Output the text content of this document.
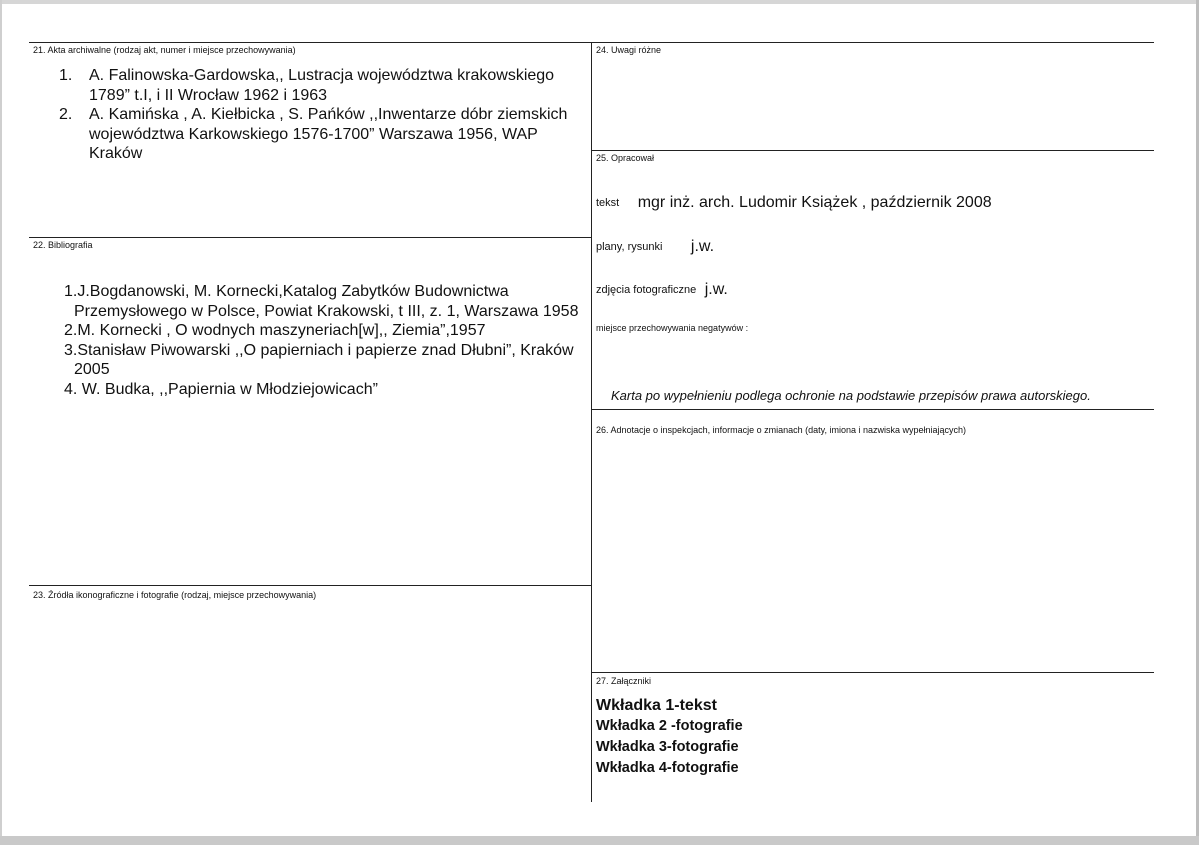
21. Akta archiwalne (rodzaj akt, numer i miejsce przechowywania)
1. A. Falinowska-Gardowska,, Lustracja województwa krakowskiego 1789” t.I, i II Wrocław 1962 i 1963
2. A. Kamińska , A. Kiełbicka , S. Pańków ,,Inwentarze dóbr ziemskich województwa Karkowskiego 1576-1700” Warszawa 1956, WAP Kraków
22. Bibliografia
1.J.Bogdanowski, M. Kornecki,Katalog Zabytków Budownictwa Przemysłowego w Polsce, Powiat Krakowski, t III, z. 1, Warszawa 1958
2.M. Kornecki , O wodnych maszyneriach[w],, Ziemia”,1957
3.Stanisław Piwowarski ,,O papierniach i papierze znad Dłubni”, Kraków 2005
4. W. Budka, ,,Papiernia w Młodziejowicach”
23. Źródła ikonograficzne i fotografie (rodzaj, miejsce przechowywania)
24. Uwagi różne
25. Opracował
tekst mgr inż. arch. Ludomir Książek , październik 2008
plany, rysunki j.w.
zdjęcia fotograficzne j.w.
miejsce przechowywania negatywów :
Karta po wypełnieniu podlega ochronie na podstawie przepisów prawa autorskiego.
26. Adnotacje o inspekcjach, informacje o zmianach (daty, imiona i nazwiska wypełniających)
27. Załączniki
Wkładka 1-tekst
Wkładka 2 -fotografie
Wkładka 3-fotografie
Wkładka 4-fotografie
